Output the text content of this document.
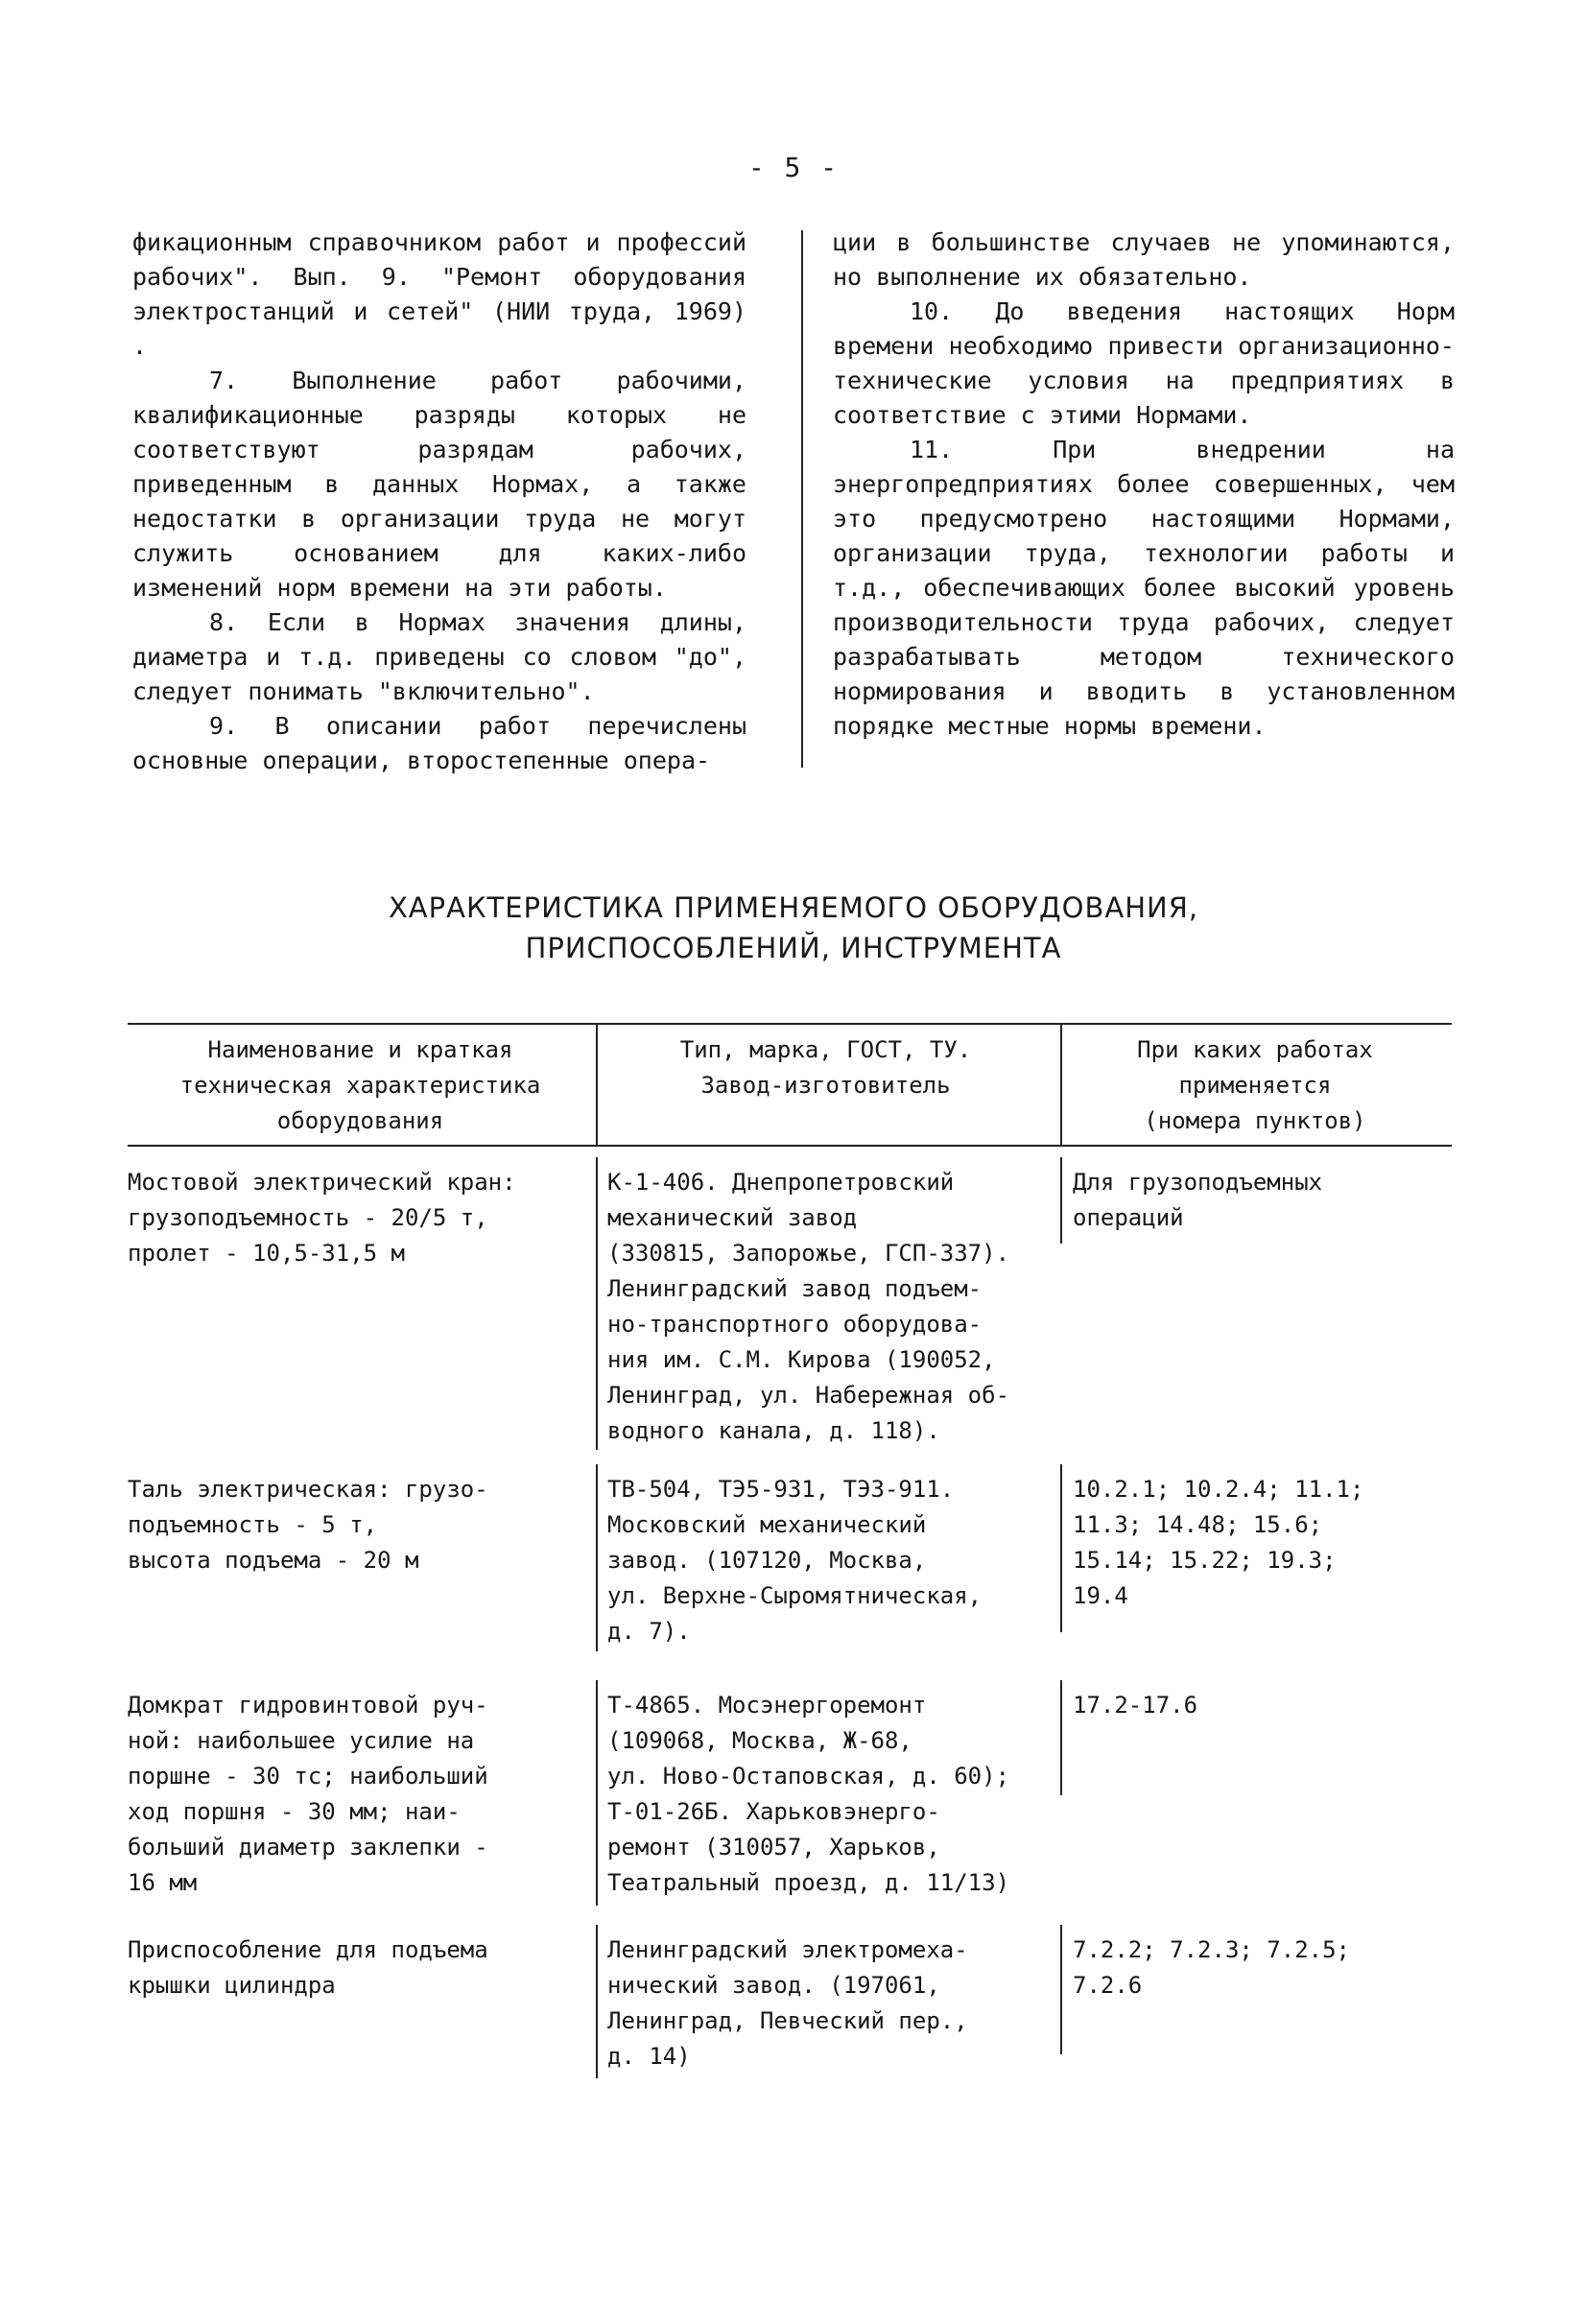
- 5 -

фикационным справочником работ и профессий рабочих". Вып. 9. "Ремонт оборудования электростанций и сетей" (НИИ труда, 1969) .

7. Выполнение работ рабочими, квалификационные разряды которых не соответствуют разрядам рабочих, приведенным в данных Нормах, а также недостатки в организации труда не могут служить основанием для каких-либо изменений норм времени на эти работы.

8. Если в Нормах значения длины, диаметра и т.д. приведены со словом "до", следует понимать "включительно".

9. В описании работ перечислены основные операции, второстепенные опера-

ции в большинстве случаев не упоминаются, но выполнение их обязательно.

10. До введения настоящих Норм времени необходимо привести организационно-технические условия на предприятиях в соответствие с этими Нормами.

11. При внедрении на энергопредприятиях более совершенных, чем это предусмотрено настоящими Нормами, организации труда, технологии работы и т.д., обеспечивающих более высокий уровень производительности труда рабочих, следует разрабатывать методом технического нормирования и вводить в установленном порядке местные нормы времени.

ХАРАКТЕРИСТИКА ПРИМЕНЯЕМОГО ОБОРУДОВАНИЯ,
ПРИСПОСОБЛЕНИЙ, ИНСТРУМЕНТА
Наименование и краткая
техническая характеристика
оборудования
Тип, марка, ГОСТ, ТУ.
Завод-изготовитель
При каких работах
применяется
(номера пунктов)
Мостовой электрический кран:
грузоподъемность - 20/5 т,
пролет - 10,5-31,5 м
К-1-406. Днепропетровский
механический завод
(330815, Запорожье, ГСП-337).
Ленинградский завод подъем-
но-транспортного оборудова-
ния им. С.М. Кирова (190052,
Ленинград, ул. Набережная об-
водного канала, д. 118).
Для грузоподъемных
операций
Таль электрическая: грузо-
подъемность - 5 т,
высота подъема - 20 м
ТВ-504, ТЭ5-931, ТЭ3-911.
Московский механический
завод. (107120, Москва,
ул. Верхне-Сыромятническая,
д. 7).
10.2.1; 10.2.4; 11.1;
11.3; 14.48; 15.6;
15.14; 15.22; 19.3;
19.4
Домкрат гидровинтовой руч-
ной: наибольшее усилие на
поршне - 30 тс; наибольший
ход поршня - 30 мм; наи-
больший диаметр заклепки -
16 мм
Т-4865. Мосэнергоремонт
(109068, Москва, Ж-68,
ул. Ново-Остаповская, д. 60);
Т-01-26Б. Харьковэнерго-
ремонт (310057, Харьков,
Театральный проезд, д. 11/13)
17.2-17.6
Приспособление для подъема
крышки цилиндра
Ленинградский электромеха-
нический завод. (197061,
Ленинград, Певческий пер.,
д. 14)
7.2.2; 7.2.3; 7.2.5;
7.2.6
